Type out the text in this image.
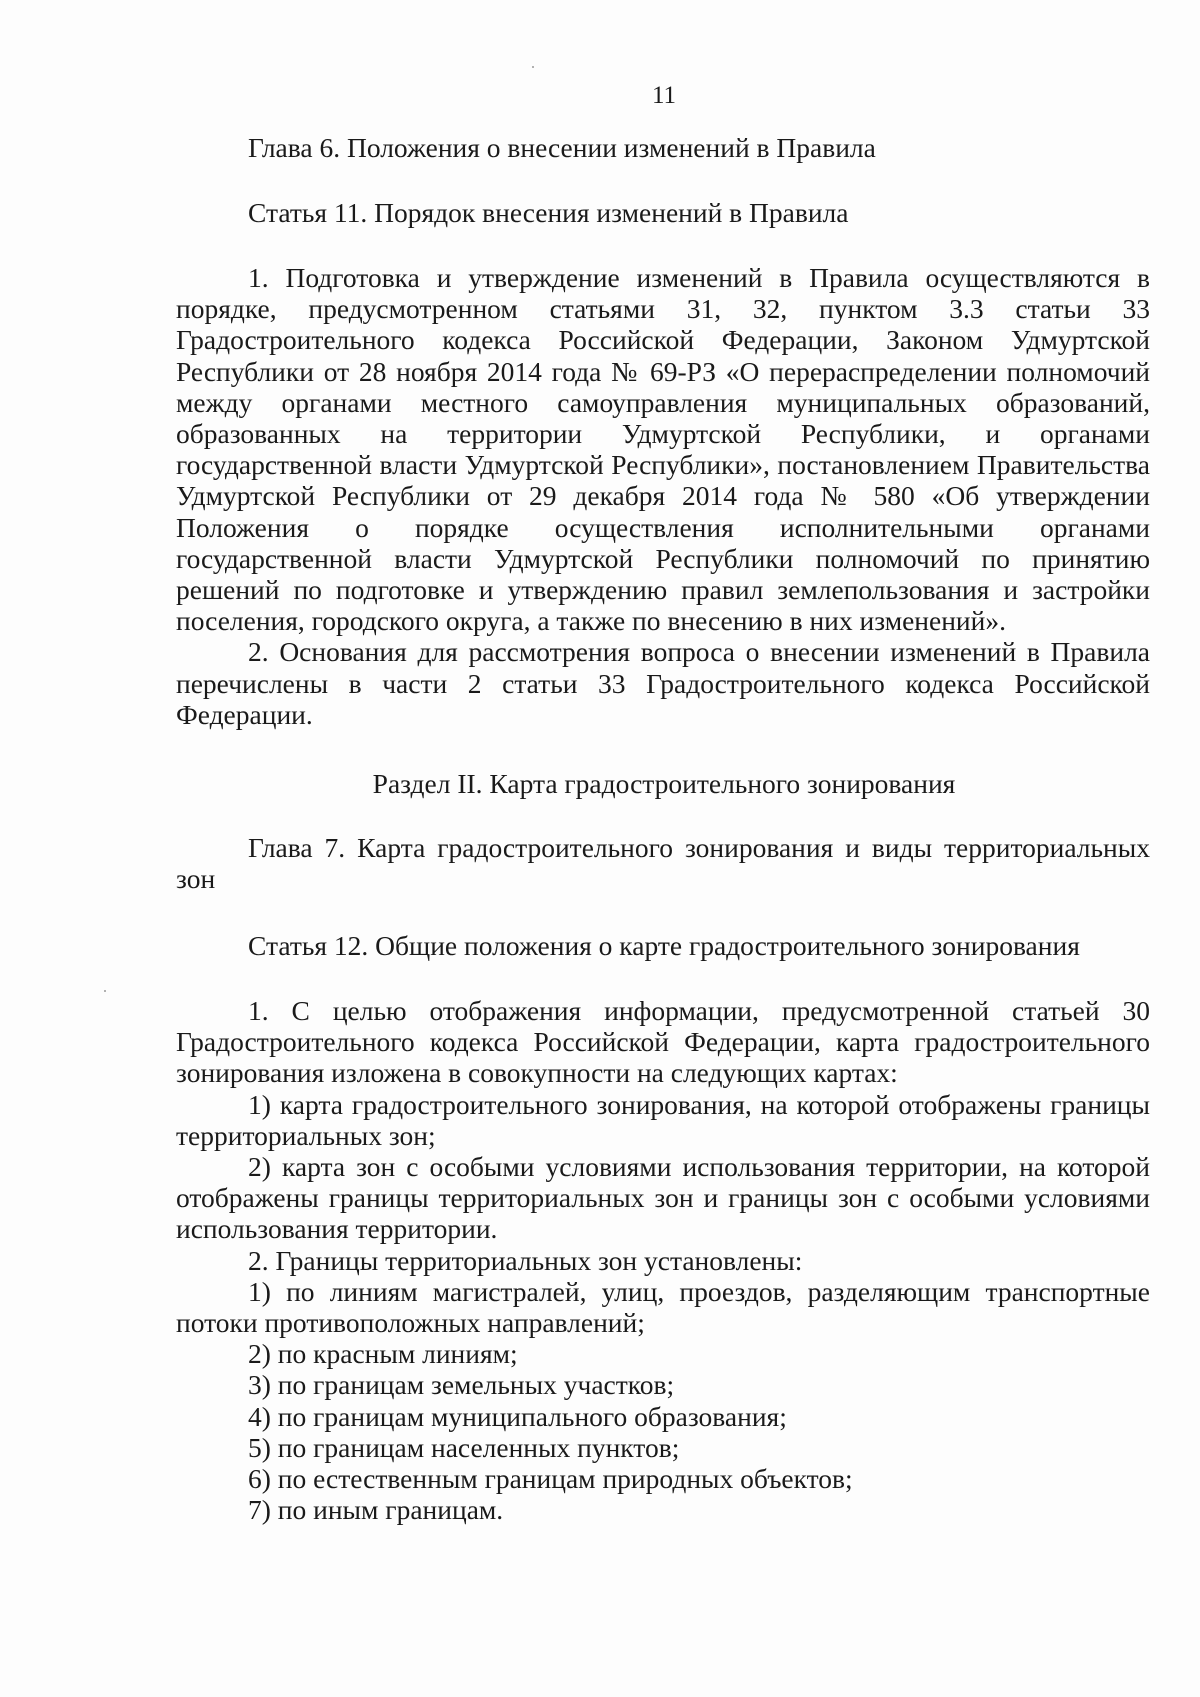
11
Глава 6. Положения о внесении изменений в Правила
Статья 11. Порядок внесения изменений в Правила

1. Подготовка и утверждение изменений в Правила осуществляются в порядке, предусмотренном статьями 31, 32, пунктом 3.3 статьи 33 Градостроительного кодекса Российской Федерации, Законом Удмуртской Республики от 28 ноября 2014 года № 69-РЗ «О перераспределении полномочий между органами местного самоуправления муниципальных образований, образованных на территории Удмуртской Республики, и органами государственной власти Удмуртской Республики», постановлением Правительства Удмуртской Республики от 29 декабря 2014 года № 580 «Об утверждении Положения о порядке осуществления исполнительными органами государственной власти Удмуртской Республики полномочий по принятию решений по подготовке и утверждению правил землепользования и застройки поселения, городского округа, а также по внесению в них изменений».

2. Основания для рассмотрения вопроса о внесении изменений в Правила перечислены в части 2 статьи 33 Градостроительного кодекса Российской Федерации.

Раздел II. Карта градостроительного зонирования

Глава 7. Карта градостроительного зонирования и виды территориальных зон

Статья 12. Общие положения о карте градостроительного зонирования

1. С целью отображения информации, предусмотренной статьей 30 Градостроительного кодекса Российской Федерации, карта градостроительного зонирования изложена в совокупности на следующих картах:

1) карта градостроительного зонирования, на которой отображены границы территориальных зон;

2) карта зон с особыми условиями использования территории, на которой отображены границы территориальных зон и границы зон с особыми условиями использования территории.

2. Границы территориальных зон установлены:

1) по линиям магистралей, улиц, проездов, разделяющим транспортные потоки противоположных направлений;

2) по красным линиям;

3) по границам земельных участков;

4) по границам муниципального образования;

5) по границам населенных пунктов;

6) по естественным границам природных объектов;

7) по иным границам.
